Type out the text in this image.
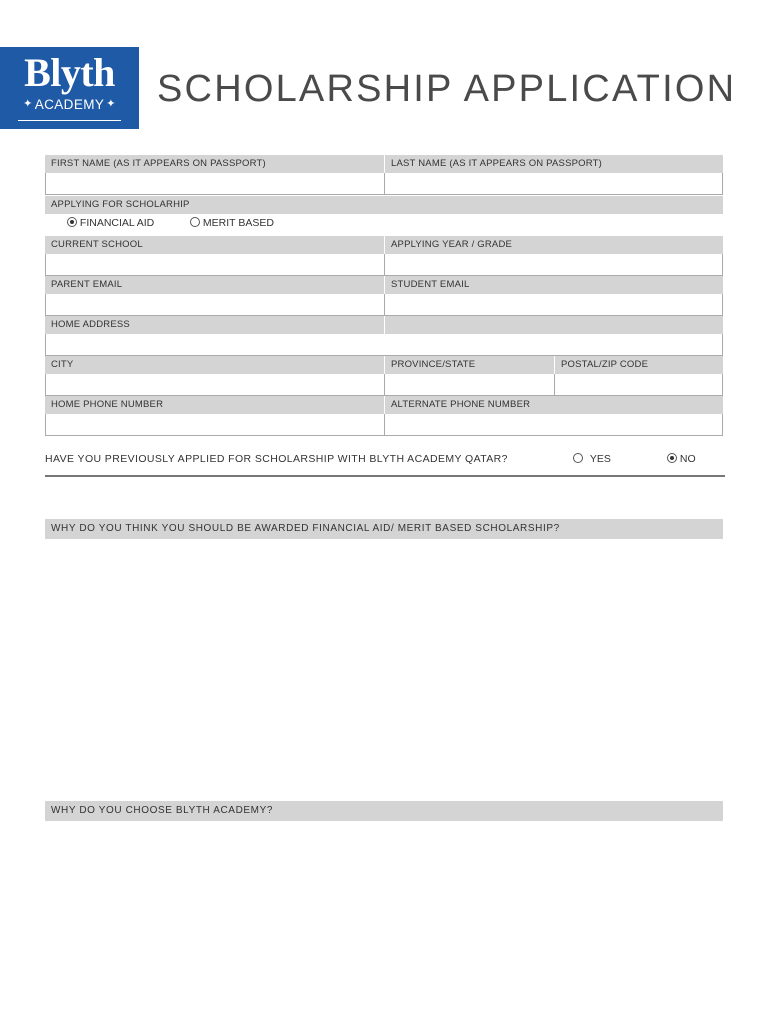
Blyth
✦ ACADEMY ✦ SCHOLARSHIP APPLICATION
FIRST NAME (AS IT APPEARS ON PASSPORT)	LAST NAME (AS IT APPEARS ON PASSPORT)
APPLYING FOR SCHOLARHIP
FINANCIAL AID	MERIT BASED
CURRENT SCHOOL	APPLYING YEAR / GRADE
PARENT EMAIL	STUDENT EMAIL
HOME ADDRESS
CITY	PROVINCE/STATE	POSTAL/ZIP CODE
HOME PHONE NUMBER	ALTERNATE PHONE NUMBER
HAVE YOU PREVIOUSLY APPLIED FOR SCHOLARSHIP WITH BLYTH ACADEMY QATAR?	YES	NO
WHY DO YOU THINK YOU SHOULD BE AWARDED FINANCIAL AID/ MERIT BASED SCHOLARSHIP?
WHY DO YOU CHOOSE BLYTH ACADEMY?
